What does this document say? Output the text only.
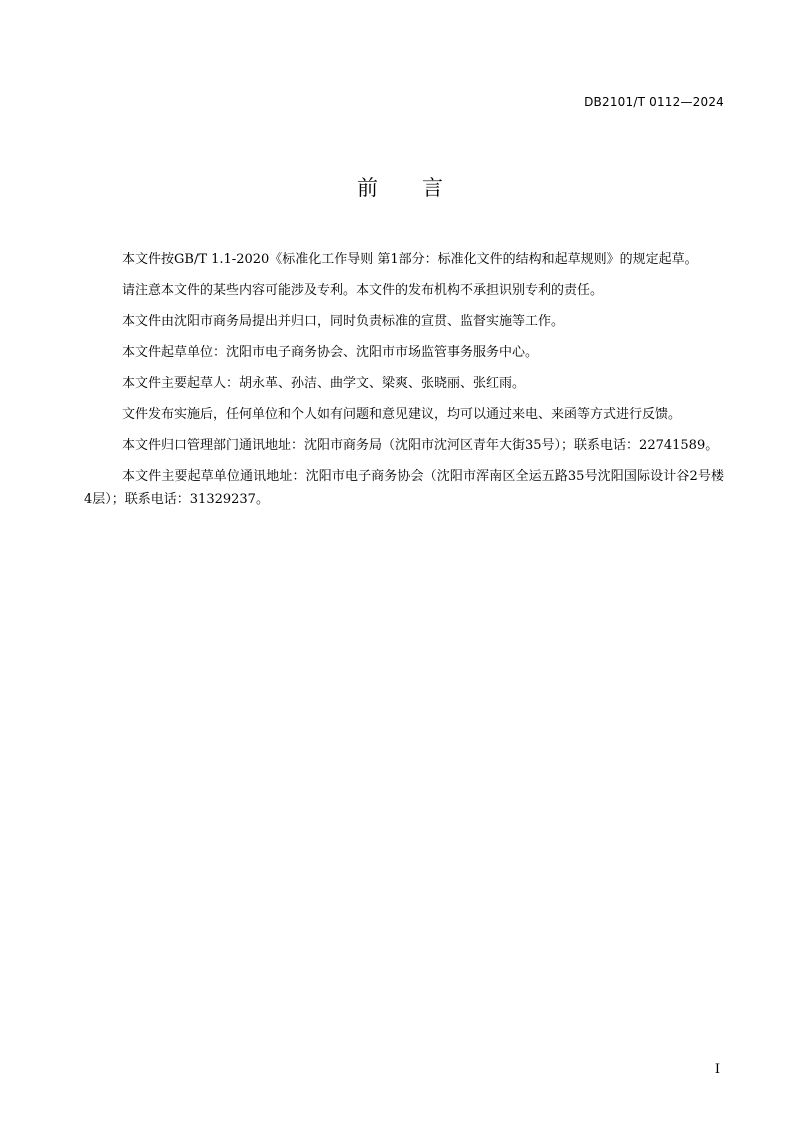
DB2101/T 0112—2024
前言

本文件按GB/T 1.1-2020《标准化工作导则 第1部分：标准化文件的结构和起草规则》的规定起草。

请注意本文件的某些内容可能涉及专利。本文件的发布机构不承担识别专利的责任。

本文件由沈阳市商务局提出并归口，同时负责标准的宣贯、监督实施等工作。

本文件起草单位：沈阳市电子商务协会、沈阳市市场监管事务服务中心。

本文件主要起草人：胡永革、孙洁、曲学文、梁爽、张晓丽、张红雨。

文件发布实施后，任何单位和个人如有问题和意见建议，均可以通过来电、来函等方式进行反馈。

本文件归口管理部门通讯地址：沈阳市商务局（沈阳市沈河区青年大街35号）；联系电话：22741589。

本文件主要起草单位通讯地址：沈阳市电子商务协会（沈阳市浑南区全运五路35号沈阳国际设计谷2号楼4层）；联系电话：31329237。

I
